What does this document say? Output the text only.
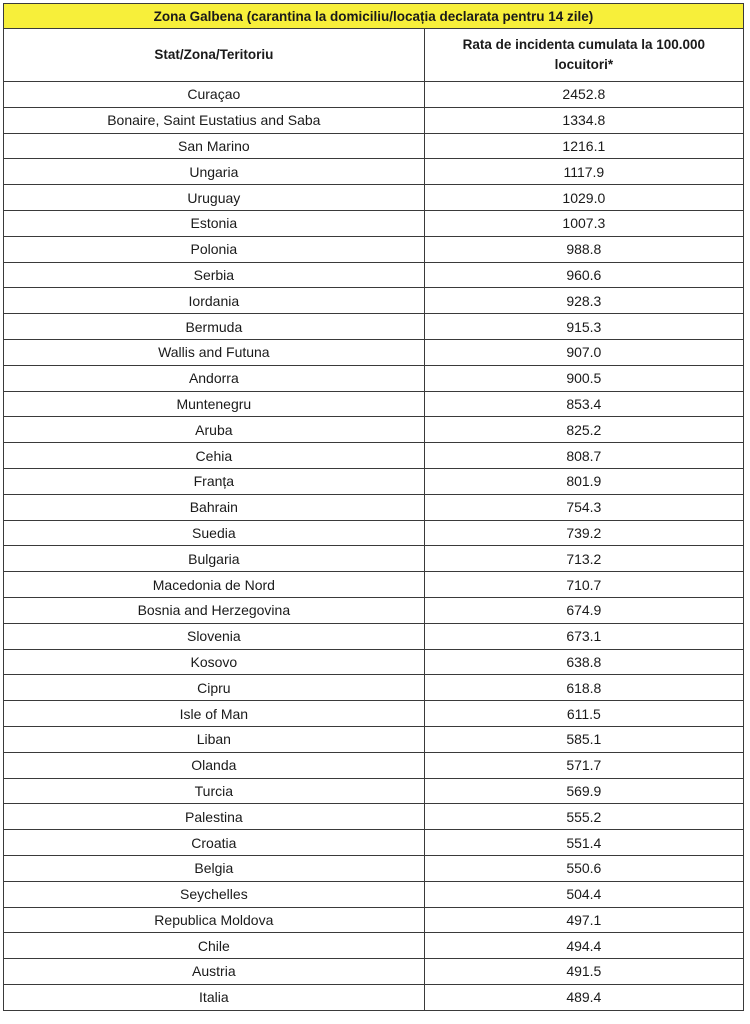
Zona Galbena (carantina la domiciliu/locația declarata pentru 14 zile)	
Stat/Zona/Teritoriu	Rata de incidenta cumulata la 100.000 locuitori*
Curaçao	2452.8
Bonaire, Saint Eustatius and Saba	1334.8
San Marino	1216.1
Ungaria	1117.9
Uruguay	1029.0
Estonia	1007.3
Polonia	988.8
Serbia	960.6
Iordania	928.3
Bermuda	915.3
Wallis and Futuna	907.0
Andorra	900.5
Muntenegru	853.4
Aruba	825.2
Cehia	808.7
Franța	801.9
Bahrain	754.3
Suedia	739.2
Bulgaria	713.2
Macedonia de Nord	710.7
Bosnia and Herzegovina	674.9
Slovenia	673.1
Kosovo	638.8
Cipru	618.8
Isle of Man	611.5
Liban	585.1
Olanda	571.7
Turcia	569.9
Palestina	555.2
Croatia	551.4
Belgia	550.6
Seychelles	504.4
Republica Moldova	497.1
Chile	494.4
Austria	491.5
Italia	489.4
